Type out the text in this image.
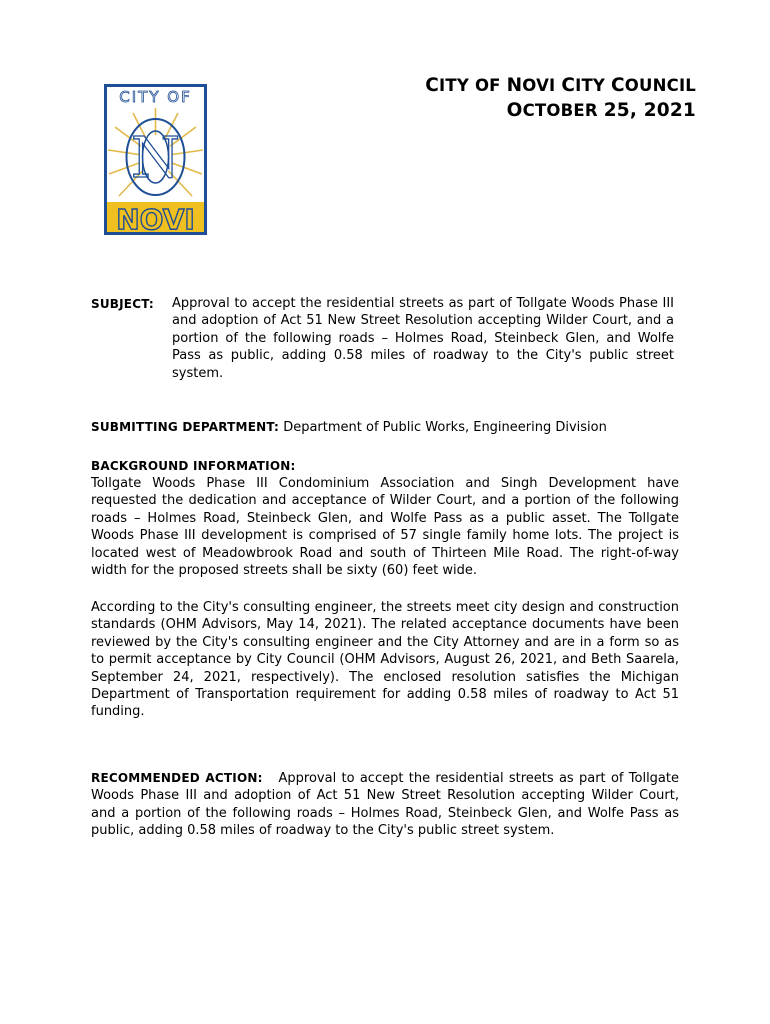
CITY OF
N
NOVI
CITY OF NOVI CITY COUNCIL
OCTOBER 25, 2021
SUBJECT: Approval to accept the residential streets as part of Tollgate Woods Phase III and adoption of Act 51 New Street Resolution accepting Wilder Court, and a portion of the following roads – Holmes Road, Steinbeck Glen, and Wolfe Pass as public, adding 0.58 miles of roadway to the City's public street system.
SUBMITTING DEPARTMENT: Department of Public Works, Engineering Division
BACKGROUND INFORMATION:
Tollgate Woods Phase III Condominium Association and Singh Development have requested the dedication and acceptance of Wilder Court, and a portion of the following roads – Holmes Road, Steinbeck Glen, and Wolfe Pass as a public asset. The Tollgate Woods Phase III development is comprised of 57 single family home lots. The project is located west of Meadowbrook Road and south of Thirteen Mile Road. The right-of-way width for the proposed streets shall be sixty (60) feet wide.
According to the City's consulting engineer, the streets meet city design and construction standards (OHM Advisors, May 14, 2021). The related acceptance documents have been reviewed by the City's consulting engineer and the City Attorney and are in a form so as to permit acceptance by City Council (OHM Advisors, August 26, 2021, and Beth Saarela, September 24, 2021, respectively). The enclosed resolution satisfies the Michigan Department of Transportation requirement for adding 0.58 miles of roadway to Act 51 funding.
RECOMMENDED ACTION: Approval to accept the residential streets as part of Tollgate Woods Phase III and adoption of Act 51 New Street Resolution accepting Wilder Court, and a portion of the following roads – Holmes Road, Steinbeck Glen, and Wolfe Pass as public, adding 0.58 miles of roadway to the City's public street system.
